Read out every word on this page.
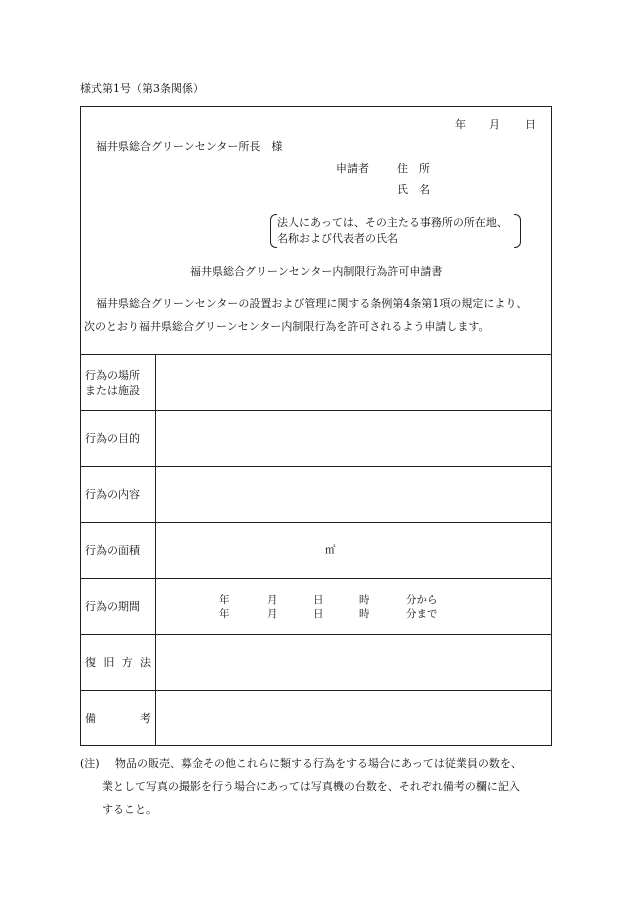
様式第1号（第3条関係）
年 月 日
福井県総合グリーンセンター所長　様
申請者	住　所
氏　名
法人にあっては、その主たる事務所の所在地、
名称および代表者の氏名
福井県総合グリーンセンター内制限行為許可申請書
福井県総合グリーンセンターの設置および管理に関する条例第4条第1項の規定により、
次のとおり福井県総合グリーンセンター内制限行為を許可されるよう申請します。
行為の場所
または施設
行為の目的
行為の内容
行為の面積	㎡
行為の期間	年	月	日	時	分から
年	月	日	時	分まで
復 旧 方 法
備	考
(注) 物品の販売、募金その他これらに類する行為をする場合にあっては従業員の数を、
業として写真の撮影を行う場合にあっては写真機の台数を、それぞれ備考の欄に記入
すること。
